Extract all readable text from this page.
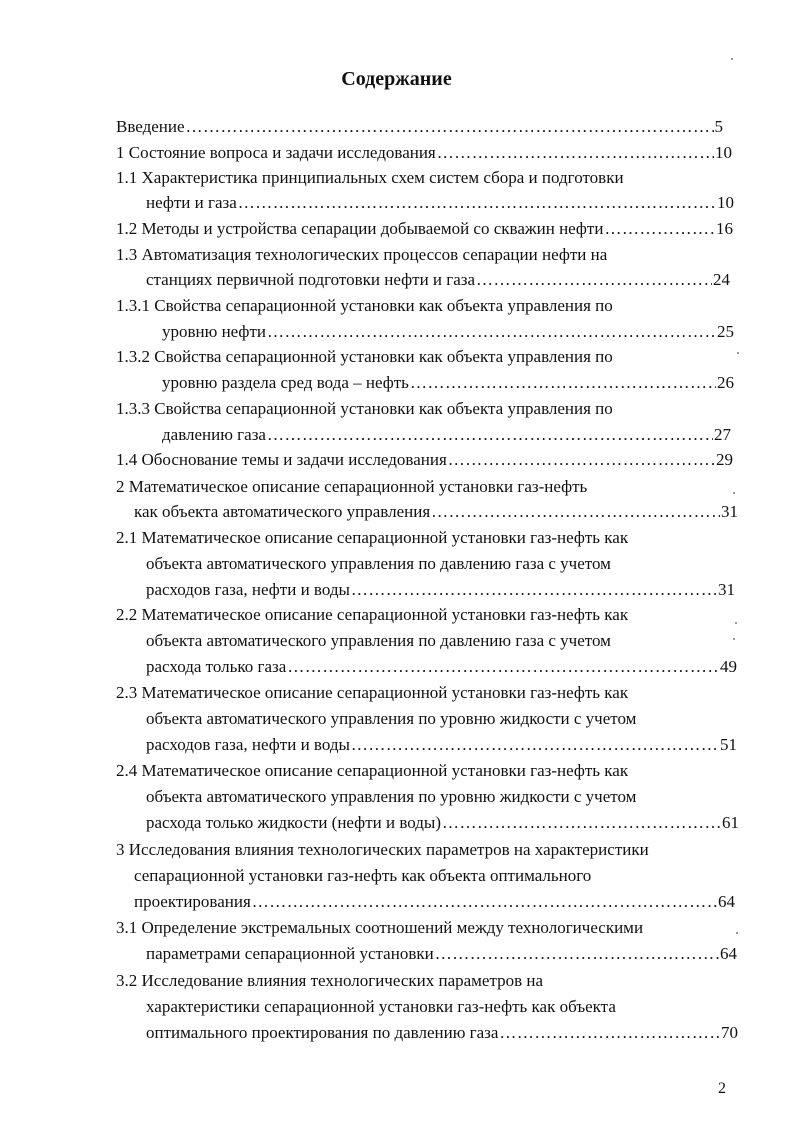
Содержание
Введение …………………………………………………………………………………………………………………………………………………………………………………………	5
1 Состояние вопроса и задачи исследования …………………………………………………………………………………………………………………………………………………………………………………………	10
1.1 Характеристика принципиальных схем систем сбора и подготовки
нефти и газа …………………………………………………………………………………………………………………………………………………………………………………………	10
1.2 Методы и устройства сепарации добываемой со скважин нефти …………………………………………………………………………………………………………………………………………………………………………………………	16
1.3 Автоматизация технологических процессов сепарации нефти на
станциях первичной подготовки нефти и газа …………………………………………………………………………………………………………………………………………………………………………………………	24
1.3.1 Свойства сепарационной установки как объекта управления по
уровню нефти …………………………………………………………………………………………………………………………………………………………………………………………	25
1.3.2 Свойства сепарационной установки как объекта управления по
уровню раздела сред вода – нефть …………………………………………………………………………………………………………………………………………………………………………………………	26
1.3.3 Свойства сепарационной установки как объекта управления по
давлению газа …………………………………………………………………………………………………………………………………………………………………………………………	27
1.4 Обоснование темы и задачи исследования …………………………………………………………………………………………………………………………………………………………………………………………	29
2 Математическое описание сепарационной установки газ-нефть
как объекта автоматического управления …………………………………………………………………………………………………………………………………………………………………………………………	31
2.1 Математическое описание сепарационной установки газ-нефть как
объекта автоматического управления по давлению газа с учетом
расходов газа, нефти и воды …………………………………………………………………………………………………………………………………………………………………………………………	31
2.2 Математическое описание сепарационной установки газ-нефть как
объекта автоматического управления по давлению газа с учетом
расхода только газа …………………………………………………………………………………………………………………………………………………………………………………………	49
2.3 Математическое описание сепарационной установки газ-нефть как
объекта автоматического управления по уровню жидкости с учетом
расходов газа, нефти и воды …………………………………………………………………………………………………………………………………………………………………………………………	51
2.4 Математическое описание сепарационной установки газ-нефть как
объекта автоматического управления по уровню жидкости с учетом
расхода только жидкости (нефти и воды) …………………………………………………………………………………………………………………………………………………………………………………………	61
3 Исследования влияния технологических параметров на характеристики
сепарационной установки газ-нефть как объекта оптимального
проектирования …………………………………………………………………………………………………………………………………………………………………………………………	64
3.1 Определение экстремальных соотношений между технологическими
параметрами сепарационной установки …………………………………………………………………………………………………………………………………………………………………………………………	64
3.2 Исследование влияния технологических параметров на
характеристики сепарационной установки газ-нефть как объекта
оптимального проектирования по давлению газа …………………………………………………………………………………………………………………………………………………………………………………………	70
2
